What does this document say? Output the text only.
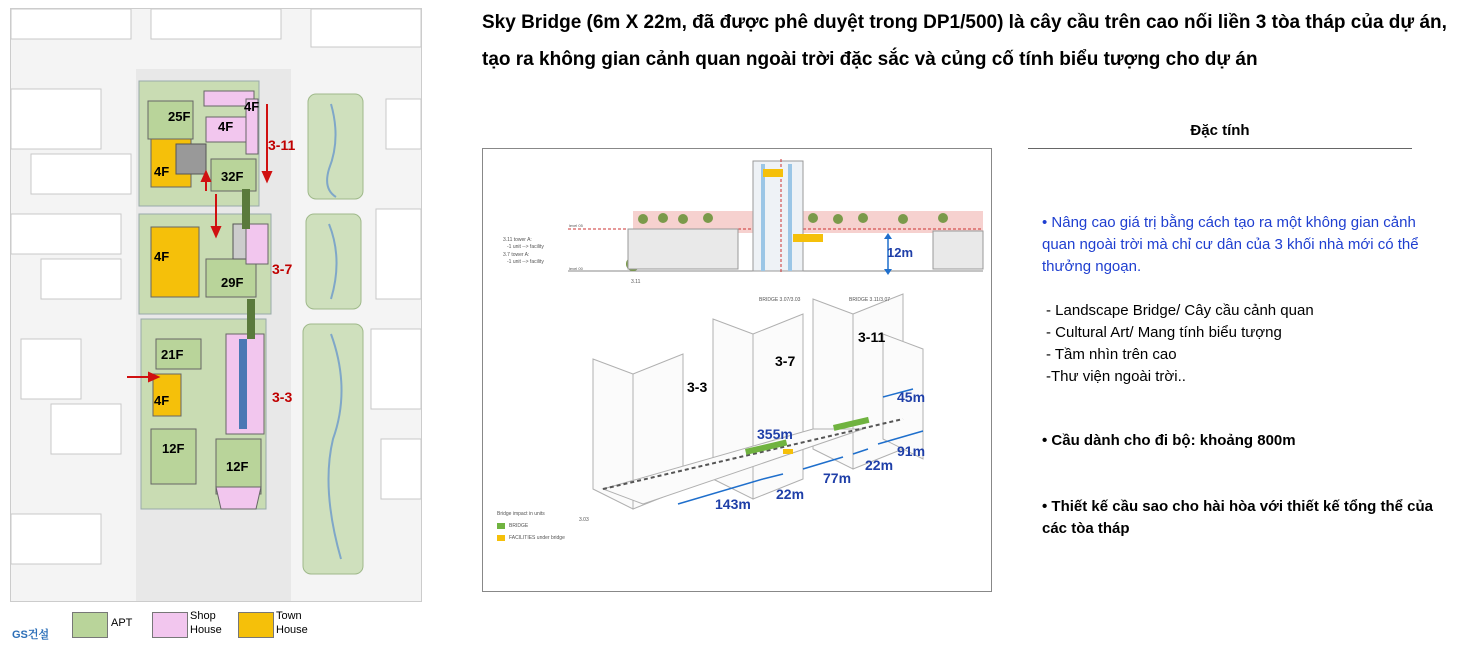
Sky Bridge (6m X 22m, đã được phê duyệt trong DP1/500) là cây cầu trên cao nối liền 3 tòa tháp của dự án, tạo ra không gian cảnh quan ngoài trời đặc sắc và củng cố tính biểu tượng cho dự án
25F
4F
4F
4F	32F
3-11
4F
29F
3-7
21F
4F	3-3
12F
12F
APT
Shop
House
Town
House
GS건설
12m
3-3
3-7
3-11
355m
45m
91m
22m
77m
22m
143m
level 05
level 00
3.11 tower A:
-1 unit --> facility
3.7 tower A:
-1 unit --> facility
3.11
BRIDGE 3.07/3.03	BRIDGE 3.11/3.07
Bridge impact in units
BRIDGE
FACILITIES under bridge
3.03
Đặc tính
• Nâng cao giá trị bằng cách tạo ra một không gian cảnh quan ngoài trời mà chỉ cư dân của 3 khối nhà mới có thể thưởng ngoạn.
- Landscape Bridge/ Cây cầu cảnh quan
- Cultural Art/ Mang tính biểu tượng
- Tầm nhìn trên cao
-Thư viện ngoài trời..
• Cầu dành cho đi bộ: khoảng 800m
• Thiết kế cầu sao cho hài hòa với thiết kế tổng thể của các tòa tháp
